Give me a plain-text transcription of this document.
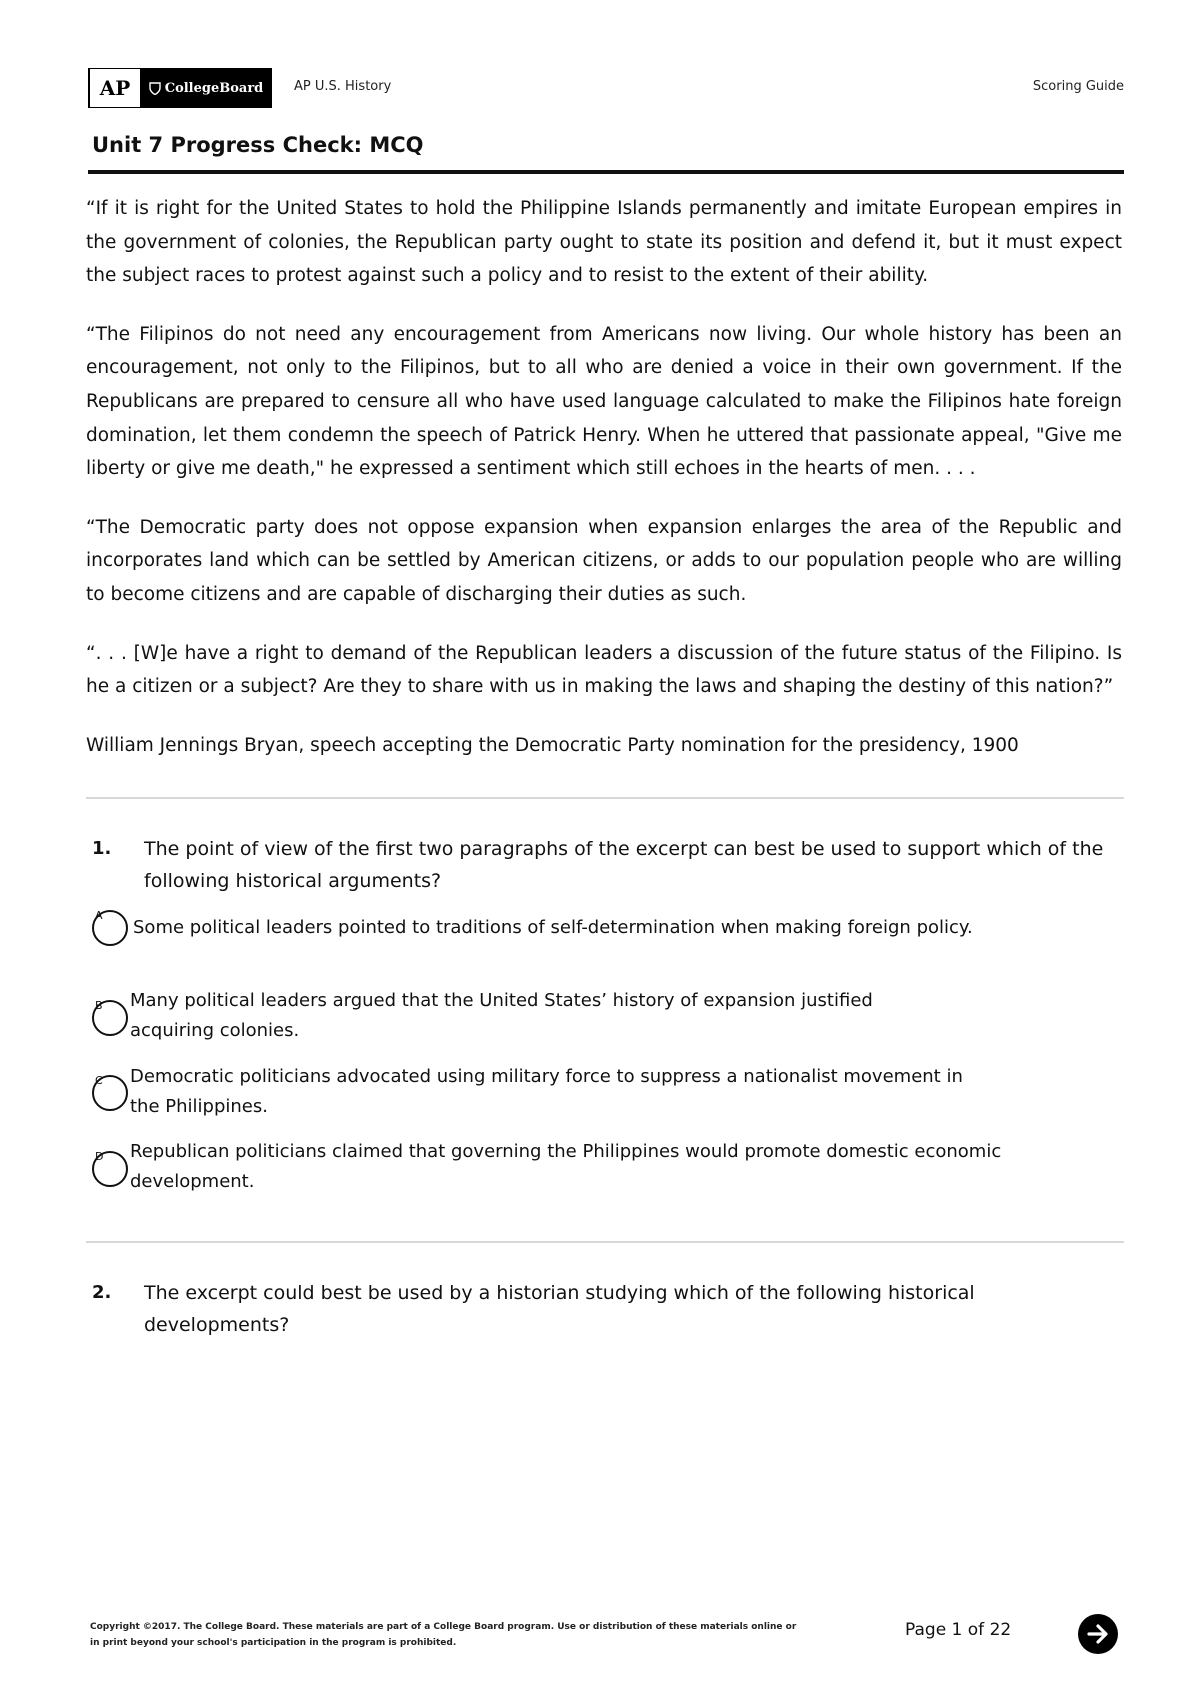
AP	CollegeBoard AP U.S. History	Scoring Guide
Unit 7 Progress Check: MCQ

“If it is right for the United States to hold the Philippine Islands permanently and imitate European empires in the government of colonies, the Republican party ought to state its position and defend it, but it must expect the subject races to protest against such a policy and to resist to the extent of their ability.

“The Filipinos do not need any encouragement from Americans now living. Our whole history has been an encouragement, not only to the Filipinos, but to all who are denied a voice in their own government. If the Republicans are prepared to censure all who have used language calculated to make the Filipinos hate foreign domination, let them condemn the speech of Patrick Henry. When he uttered that passionate appeal, "Give me liberty or give me death," he expressed a sentiment which still echoes in the hearts of men. . . .

“The Democratic party does not oppose expansion when expansion enlarges the area of the Republic and incorporates land which can be settled by American citizens, or adds to our population people who are willing to become citizens and are capable of discharging their duties as such.

“. . . [W]e have a right to demand of the Republican leaders a discussion of the future status of the Filipino. Is he a citizen or a subject? Are they to share with us in making the laws and shaping the destiny of this nation?”

William Jennings Bryan, speech accepting the Democratic Party nomination for the presidency, 1900

1. The point of view of the first two paragraphs of the excerpt can best be used to support which of the following historical arguments?
A
Some political leaders pointed to traditions of self-determination when making foreign policy.
B Many political leaders argued that the United States’ history of expansion justified acquiring colonies.
C Democratic politicians advocated using military force to suppress a nationalist movement in the Philippines.
D Republican politicians claimed that governing the Philippines would promote domestic economic development.
2. The excerpt could best be used by a historian studying which of the following historical developments?
Copyright ©2017. The College Board. These materials are part of a College Board program. Use or distribution of these materials online or
in print beyond your school's participation in the program is prohibited.
Page 1 of 22
